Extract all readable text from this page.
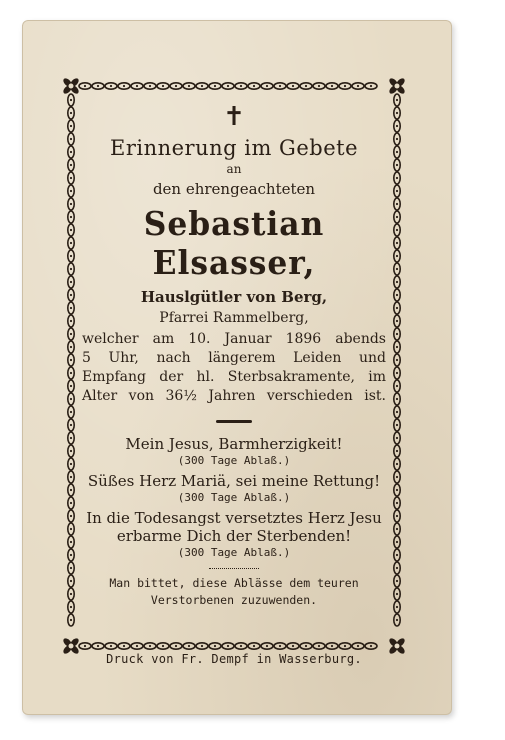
✝
Erinnerung im Gebete
an
den ehrengeachteten
Sebastian Elsasser,
Hauslgütler von Berg,
Pfarrei Rammelberg,
welcher am 10. Januar 1896 abends
5 Uhr, nach längerem Leiden und
Empfang der hl. Sterbsakramente, im
Alter von 36½ Jahren verschieden ist.
Mein Jesus, Barmherzigkeit!
(300 Tage Ablaß.)
Süßes Herz Mariä, sei meine Rettung!
(300 Tage Ablaß.)
In die Todesangst versetztes Herz Jesu erbarme Dich der Sterbenden!
(300 Tage Ablaß.)
Man bittet, diese Ablässe dem teuren
Verstorbenen zuzuwenden.
Druck von Fr. Dempf in Wasserburg.
